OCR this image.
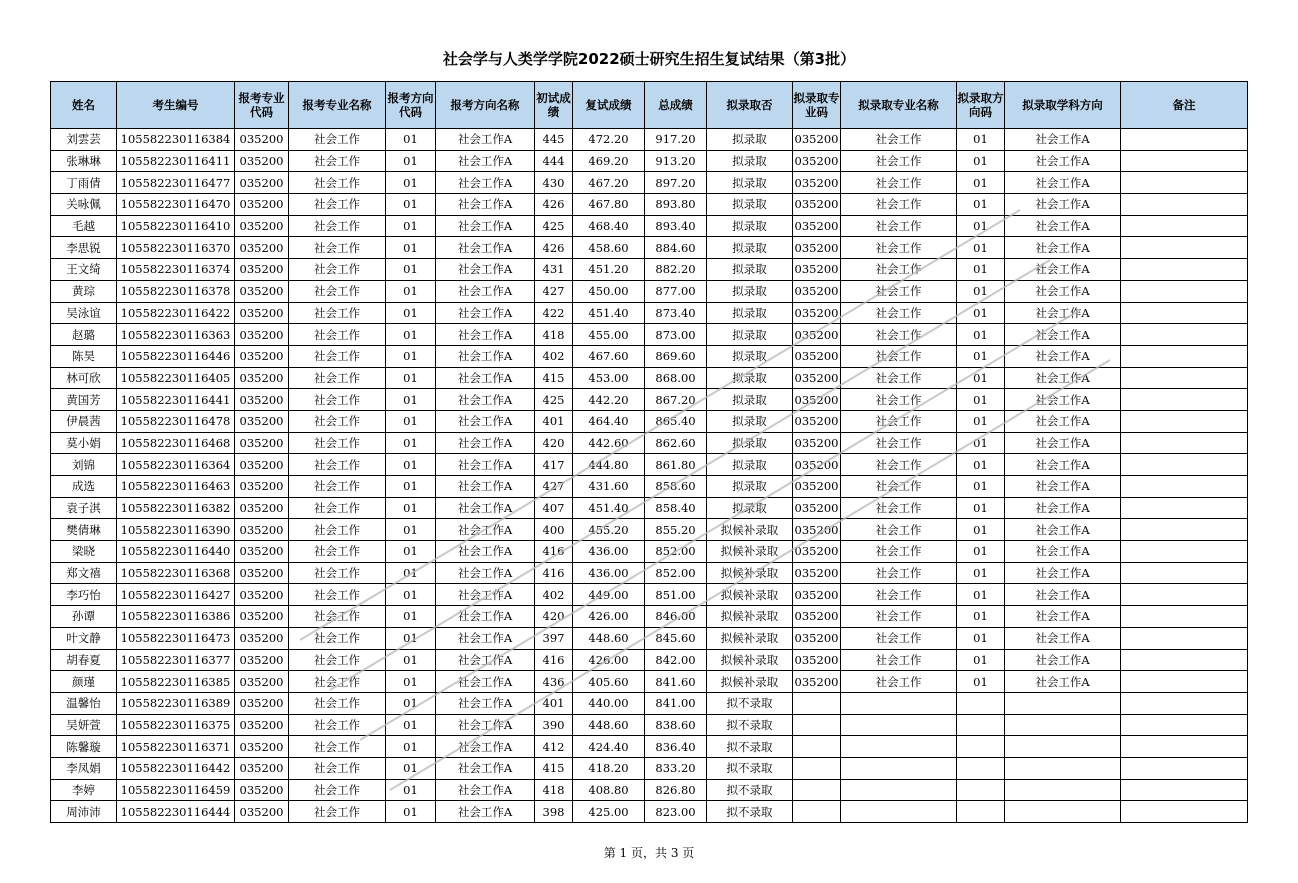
社会学与人类学学院2022硕士研究生招生复试结果（第3批）
姓名	考生编号	报考专业代码	报考专业名称	报考方向代码	报考方向名称	初试成绩	复试成绩	总成绩	拟录取否	拟录取专业码	拟录取专业名称	拟录取方向码	拟录取学科方向	备注
刘雲芸	105582230116384	035200	社会工作	01	社会工作A	445	472.20	917.20	拟录取	035200	社会工作	01	社会工作A	
张琳琳	105582230116411	035200	社会工作	01	社会工作A	444	469.20	913.20	拟录取	035200	社会工作	01	社会工作A	
丁雨倩	105582230116477	035200	社会工作	01	社会工作A	430	467.20	897.20	拟录取	035200	社会工作	01	社会工作A	
关咏佩	105582230116470	035200	社会工作	01	社会工作A	426	467.80	893.80	拟录取	035200	社会工作	01	社会工作A	
毛越	105582230116410	035200	社会工作	01	社会工作A	425	468.40	893.40	拟录取	035200	社会工作	01	社会工作A	
李思锐	105582230116370	035200	社会工作	01	社会工作A	426	458.60	884.60	拟录取	035200	社会工作	01	社会工作A	
王文绮	105582230116374	035200	社会工作	01	社会工作A	431	451.20	882.20	拟录取	035200	社会工作	01	社会工作A	
黄琮	105582230116378	035200	社会工作	01	社会工作A	427	450.00	877.00	拟录取	035200	社会工作	01	社会工作A	
吴泳谊	105582230116422	035200	社会工作	01	社会工作A	422	451.40	873.40	拟录取	035200	社会工作	01	社会工作A	
赵璐	105582230116363	035200	社会工作	01	社会工作A	418	455.00	873.00	拟录取	035200	社会工作	01	社会工作A	
陈昊	105582230116446	035200	社会工作	01	社会工作A	402	467.60	869.60	拟录取	035200	社会工作	01	社会工作A	
林可欣	105582230116405	035200	社会工作	01	社会工作A	415	453.00	868.00	拟录取	035200	社会工作	01	社会工作A	
黄国芳	105582230116441	035200	社会工作	01	社会工作A	425	442.20	867.20	拟录取	035200	社会工作	01	社会工作A	
伊晨茜	105582230116478	035200	社会工作	01	社会工作A	401	464.40	865.40	拟录取	035200	社会工作	01	社会工作A	
莫小娟	105582230116468	035200	社会工作	01	社会工作A	420	442.60	862.60	拟录取	035200	社会工作	01	社会工作A	
刘锦	105582230116364	035200	社会工作	01	社会工作A	417	444.80	861.80	拟录取	035200	社会工作	01	社会工作A	
成选	105582230116463	035200	社会工作	01	社会工作A	427	431.60	858.60	拟录取	035200	社会工作	01	社会工作A	
袁子淇	105582230116382	035200	社会工作	01	社会工作A	407	451.40	858.40	拟录取	035200	社会工作	01	社会工作A	
樊倩琳	105582230116390	035200	社会工作	01	社会工作A	400	455.20	855.20	拟候补录取	035200	社会工作	01	社会工作A	
梁晓	105582230116440	035200	社会工作	01	社会工作A	416	436.00	852.00	拟候补录取	035200	社会工作	01	社会工作A	
郑文禧	105582230116368	035200	社会工作	01	社会工作A	416	436.00	852.00	拟候补录取	035200	社会工作	01	社会工作A	
李巧怡	105582230116427	035200	社会工作	01	社会工作A	402	449.00	851.00	拟候补录取	035200	社会工作	01	社会工作A	
孙谭	105582230116386	035200	社会工作	01	社会工作A	420	426.00	846.00	拟候补录取	035200	社会工作	01	社会工作A	
叶文静	105582230116473	035200	社会工作	01	社会工作A	397	448.60	845.60	拟候补录取	035200	社会工作	01	社会工作A	
胡春夏	105582230116377	035200	社会工作	01	社会工作A	416	426.00	842.00	拟候补录取	035200	社会工作	01	社会工作A	
颜瑾	105582230116385	035200	社会工作	01	社会工作A	436	405.60	841.60	拟候补录取	035200	社会工作	01	社会工作A	
温馨怡	105582230116389	035200	社会工作	01	社会工作A	401	440.00	841.00	拟不录取					
吴妍萱	105582230116375	035200	社会工作	01	社会工作A	390	448.60	838.60	拟不录取					
陈馨璇	105582230116371	035200	社会工作	01	社会工作A	412	424.40	836.40	拟不录取					
李凤娟	105582230116442	035200	社会工作	01	社会工作A	415	418.20	833.20	拟不录取					
李婷	105582230116459	035200	社会工作	01	社会工作A	418	408.80	826.80	拟不录取					
周沛沛	105582230116444	035200	社会工作	01	社会工作A	398	425.00	823.00	拟不录取					
第 1 页，共 3 页
